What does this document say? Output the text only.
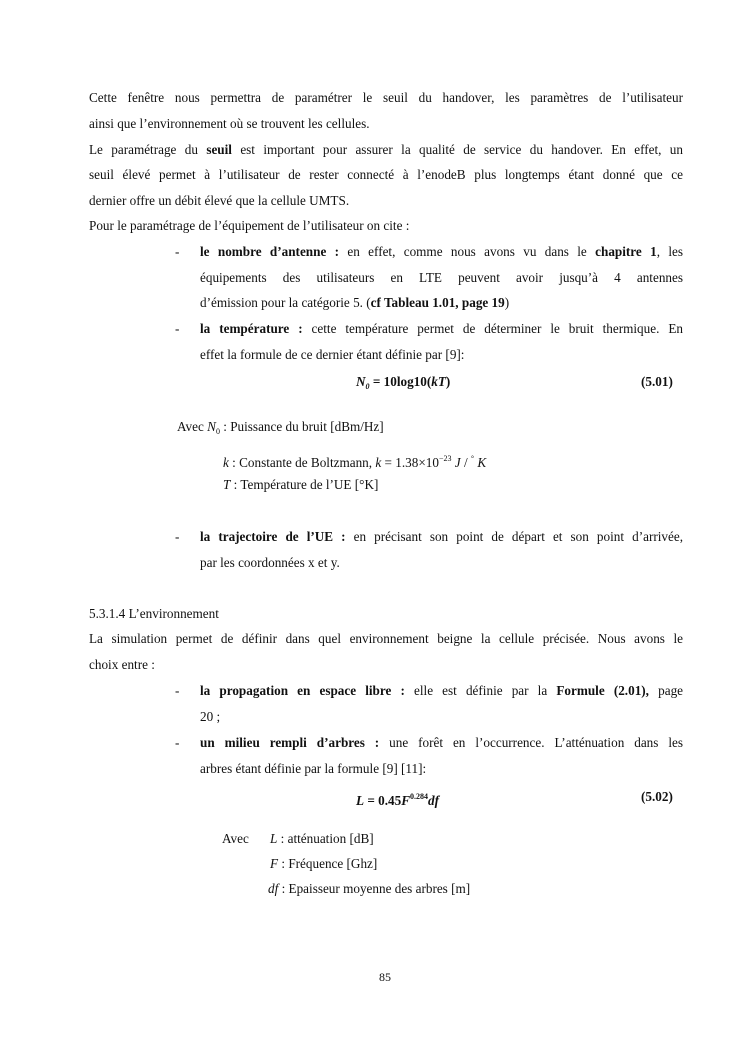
Cette fenêtre nous permettra de paramétrer le seuil du handover, les paramètres de l’utilisateur
ainsi que l’environnement où se trouvent les cellules.
Le paramétrage du seuil est important pour assurer la qualité de service du handover. En effet, un
seuil élevé permet à l’utilisateur de rester connecté à l’enodeB plus longtemps étant donné que ce
dernier offre un débit élevé que la cellule UMTS.
Pour le paramétrage de l’équipement de l’utilisateur on cite :
- le nombre d’antenne : en effet, comme nous avons vu dans le chapitre 1, les
équipements des utilisateurs en LTE peuvent avoir jusqu’à 4 antennes
d’émission pour la catégorie 5. (cf Tableau 1.01, page 19)
- la température : cette température permet de déterminer le bruit thermique. En
effet la formule de ce dernier étant définie par [9]:
$N_0 = 10\log 10(kT)$	(5.01)
Avec $N_0$ : Puissance du bruit [dBm/Hz]
k : Constante de Boltzmann, $k = 1.38\times 10^{-23}$ J / ° K
T : Température de l’UE [°K]
- la trajectoire de l’UE : en précisant son point de départ et son point d’arrivée,
par les coordonnées x et y.
5.3.1.4 L’environnement
La simulation permet de définir dans quel environnement beigne la cellule précisée. Nous avons le
choix entre :
- la propagation en espace libre : elle est définie par la Formule (2.01), page
20 ;
- un milieu rempli d’arbres : une forêt en l’occurrence. L’atténuation dans les
arbres étant définie par la formule [9] [11]:
$L = 0.45F^{0.284}df$	(5.02)
Avec L : atténuation [dB]
F : Fréquence [Ghz]
df : Epaisseur moyenne des arbres [m]
85
